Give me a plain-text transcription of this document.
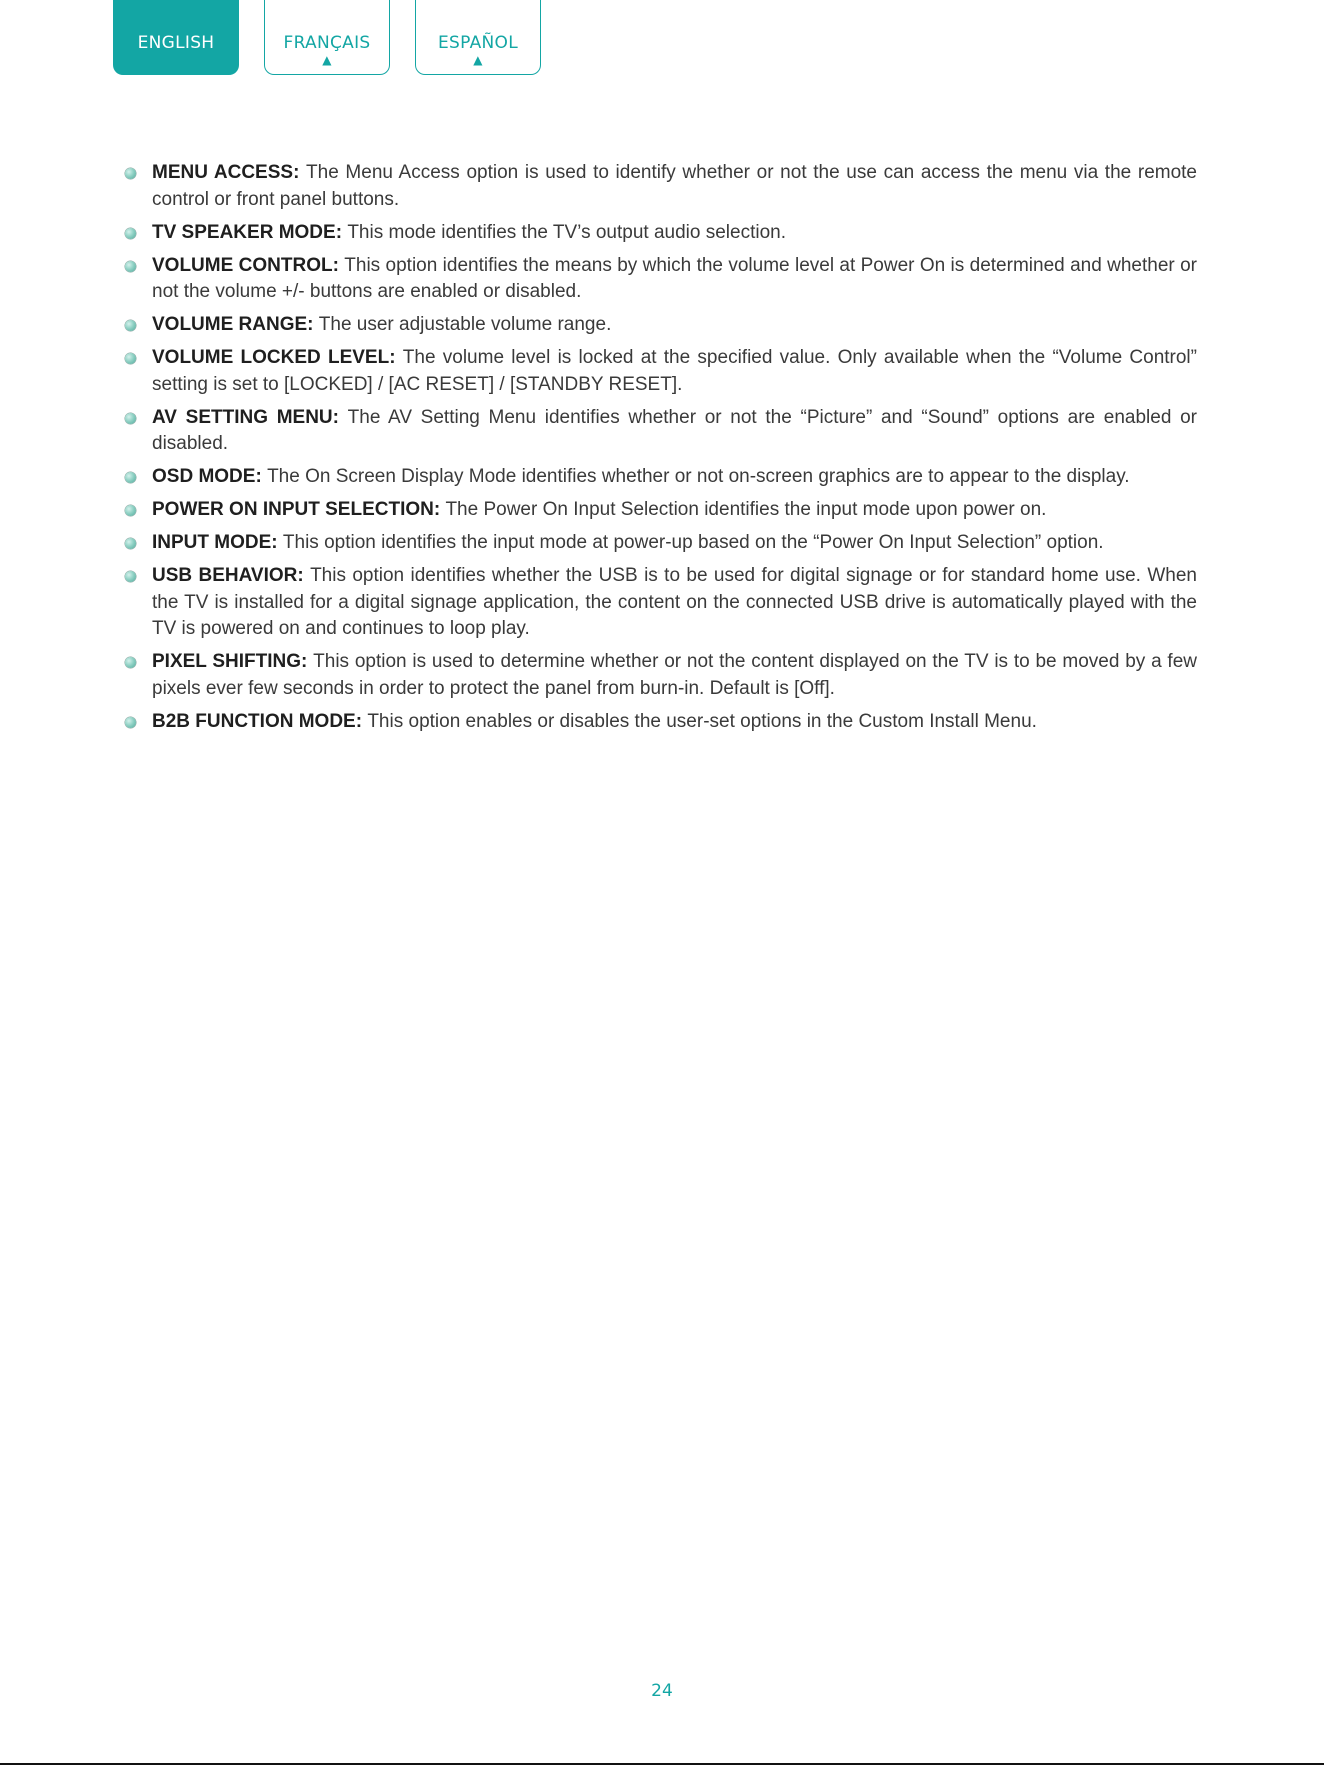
ENGLISH	FRANÇAIS
▲
ESPAÑOL
▲
MENU ACCESS: The Menu Access option is used to identify whether or not the use can access the menu via the remote control or front panel buttons.
TV SPEAKER MODE: This mode identifies the TV’s output audio selection.
VOLUME CONTROL: This option identifies the means by which the volume level at Power On is determined and whether or not the volume +/- buttons are enabled or disabled.
VOLUME RANGE: The user adjustable volume range.
VOLUME LOCKED LEVEL: The volume level is locked at the specified value. Only available when the “Volume Control” setting is set to [LOCKED] / [AC RESET] / [STANDBY RESET].
AV SETTING MENU: The AV Setting Menu identifies whether or not the “Picture” and “Sound” options are enabled or disabled.
OSD MODE: The On Screen Display Mode identifies whether or not on-screen graphics are to appear to the display.
POWER ON INPUT SELECTION: The Power On Input Selection identifies the input mode upon power on.
INPUT MODE: This option identifies the input mode at power-up based on the “Power On Input Selection” option.
USB BEHAVIOR: This option identifies whether the USB is to be used for digital signage or for standard home use. When the TV is installed for a digital signage application, the content on the connected USB drive is automatically played with the TV is powered on and continues to loop play.
PIXEL SHIFTING: This option is used to determine whether or not the content displayed on the TV is to be moved by a few pixels ever few seconds in order to protect the panel from burn-in. Default is [Off].
B2B FUNCTION MODE: This option enables or disables the user-set options in the Custom Install Menu.
24
